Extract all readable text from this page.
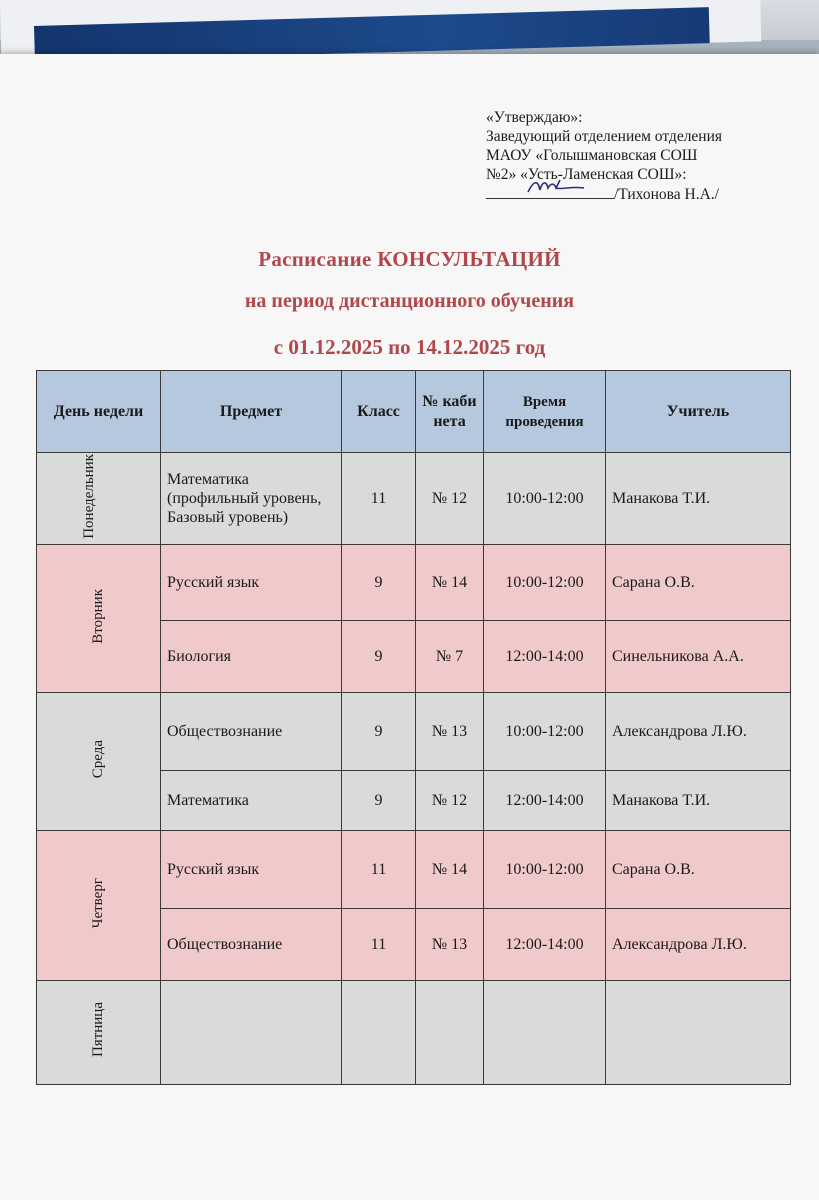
«Утверждаю»:
Заведующий отделением отделения
МАОУ «Голышмановская СОШ
№2» «Усть-Ламенская СОШ»:
/Тихонова Н.А./
Расписание КОНСУЛЬТАЦИЙ
на период дистанционного обучения
с 01.12.2025 по 14.12.2025 год
День недели	Предмет	Класс	№ каби нета	Время проведения	Учитель
Понедельник	Математика (профильный уровень, Базовый уровень)	11	№ 12	10:00-12:00	Манакова Т.И.
Вторник	Русский язык	9	№ 14	10:00-12:00	Сарана О.В.
	Биология	9	№ 7	12:00-14:00	Синельникова А.А.
Среда	Обществознание	9	№ 13	10:00-12:00	Александрова Л.Ю.
	Математика	9	№ 12	12:00-14:00	Манакова Т.И.
Четверг	Русский язык	11	№ 14	10:00-12:00	Сарана О.В.
	Обществознание	11	№ 13	12:00-14:00	Александрова Л.Ю.
Пятница					
